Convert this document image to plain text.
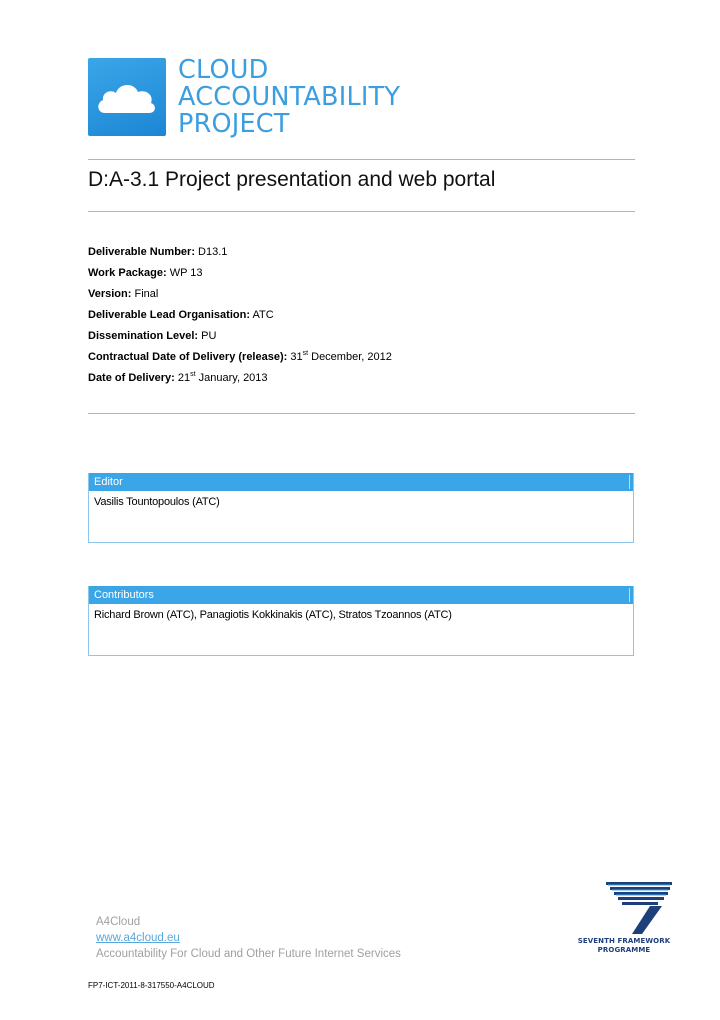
CLOUD
ACCOUNTABILITY
PROJECT
D:A-3.1 Project presentation and web portal
Deliverable Number: D13.1
Work Package: WP 13
Version: Final
Deliverable Lead Organisation: ATC
Dissemination Level: PU
Contractual Date of Delivery (release): 31st December, 2012
Date of Delivery: 21st January, 2013
Editor
Vasilis Tountopoulos (ATC)
Contributors
Richard Brown (ATC), Panagiotis Kokkinakis (ATC), Stratos Tzoannos (ATC)
A4Cloud
www.a4cloud.eu
Accountability For Cloud and Other Future Internet Services
FP7-ICT-2011-8-317550-A4CLOUD
SEVENTH FRAMEWORK
PROGRAMME
